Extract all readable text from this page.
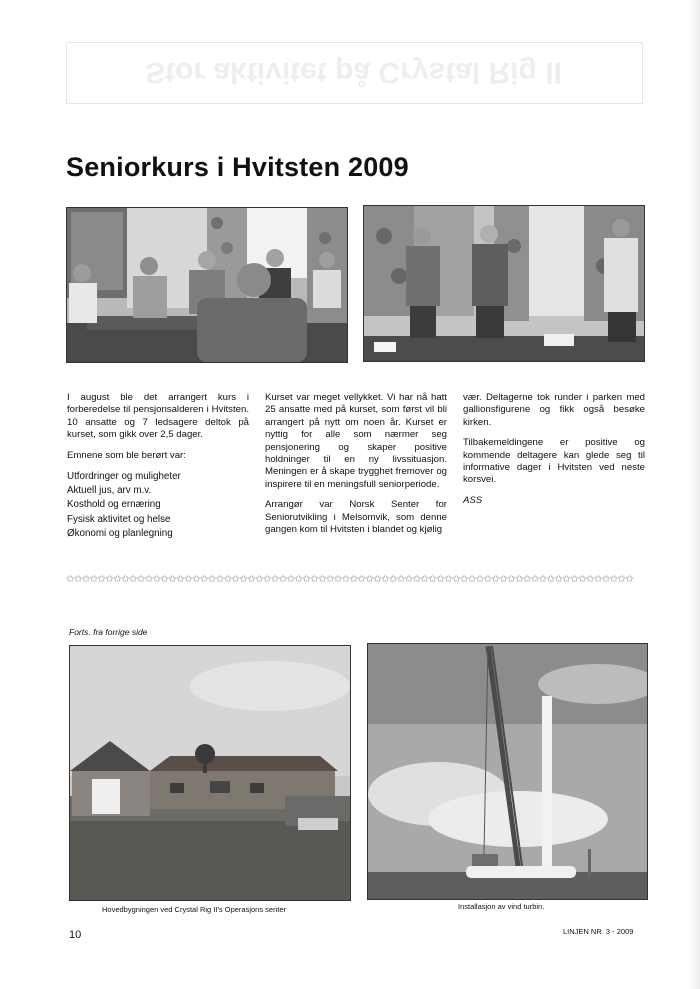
Stor aktivitet på Crystal Rig II
Seniorkurs i Hvitsten 2009

I august ble det arrangert kurs i forberedelse til pensjonsalderen i Hvitsten. 10 ansatte og 7 ledsagere deltok på kurset, som gikk over 2,5 dager.

Emnene som ble berørt var:

Utfordringer og muligheter
Aktuell jus, arv m.v.
Kosthold og ernæring
Fysisk aktivitet og helse
Økonomi og planlegning

Kurset var meget vellykket. Vi har nå hatt 25 ansatte med på kurset, som først vil bli arrangert på nytt om noen år. Kurset er nyttig for alle som nærmer seg pensjonering og skaper positive holdninger til en ny livssituasjon. Meningen er å skape trygghet fremover og inspirere til en meningsfull seniorperiode.

Arrangør var Norsk Senter for Seniorutvikling i Melsomvik, som denne gangen kom til Hvitsten i blandet og kjølig

vær. Deltagerne tok runder i parken med gallionsfigurene og fikk også besøke kirken.

Tilbakemeldingene er positive og kommende deltagere kan glede seg til informative dager i Hvitsten ved neste korsvei.

ASS

✩✩✩✩✩✩✩✩✩✩✩✩✩✩✩✩✩✩✩✩✩✩✩✩✩✩✩✩✩✩✩✩✩✩✩✩✩✩✩✩✩✩✩✩✩✩✩✩✩✩✩✩✩✩✩✩✩✩✩✩✩✩✩✩✩✩✩✩✩✩✩✩
Forts. fra forrige side
Hovedbygningen ved Crystal Rig II's Operasjons senter	Installasjon av vind turbin.
10	LINJEN NR. 3 - 2009
